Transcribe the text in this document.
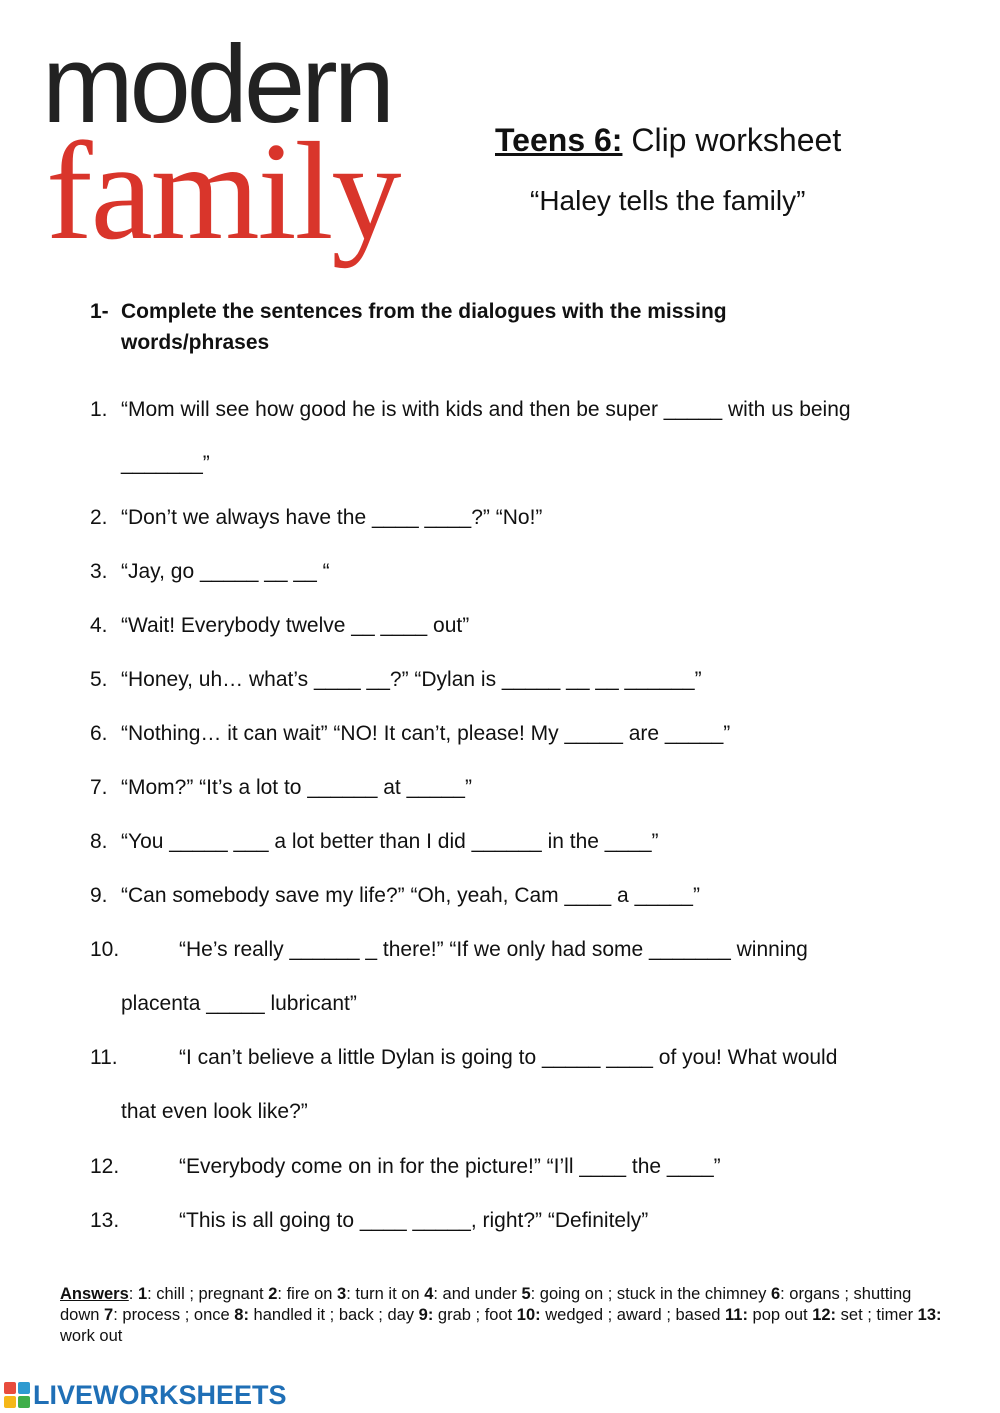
modern
family	Teens 6: Clip worksheet
“Haley tells the family”
1- Complete the sentences from the dialogues with the missing words/phrases
1. “Mom will see how good he is with kids and then be super _____ with us being
_______”
2. “Don’t we always have the ____ ____?” “No!”
3. “Jay, go _____ __ __ “
4. “Wait! Everybody twelve __ ____ out”
5. “Honey, uh… what’s ____ __?” “Dylan is _____ __ __ ______”
6. “Nothing… it can wait” “NO! It can’t, please! My _____ are _____”
7. “Mom?” “It’s a lot to ______ at _____”
8. “You _____ ___ a lot better than I did ______ in the ____”
9. “Can somebody save my life?” “Oh, yeah, Cam ____ a _____”
10.	“He’s really ______ _ there!” “If we only had some _______ winning
placenta _____ lubricant”
11.	“I can’t believe a little Dylan is going to _____ ____ of you! What would
that even look like?”
12.	“Everybody come on in for the picture!” “I’ll ____ the ____”
13.	“This is all going to ____ _____, right?” “Definitely”
Answers: 1: chill ; pregnant 2: fire on 3: turn it on 4: and under 5: going on ; stuck in the chimney 6: organs ; shutting down 7: process ; once 8: handled it ; back ; day 9: grab ; foot 10: wedged ; award ; based 11: pop out 12: set ; timer 13: work out
LIVEWORKSHEETS
